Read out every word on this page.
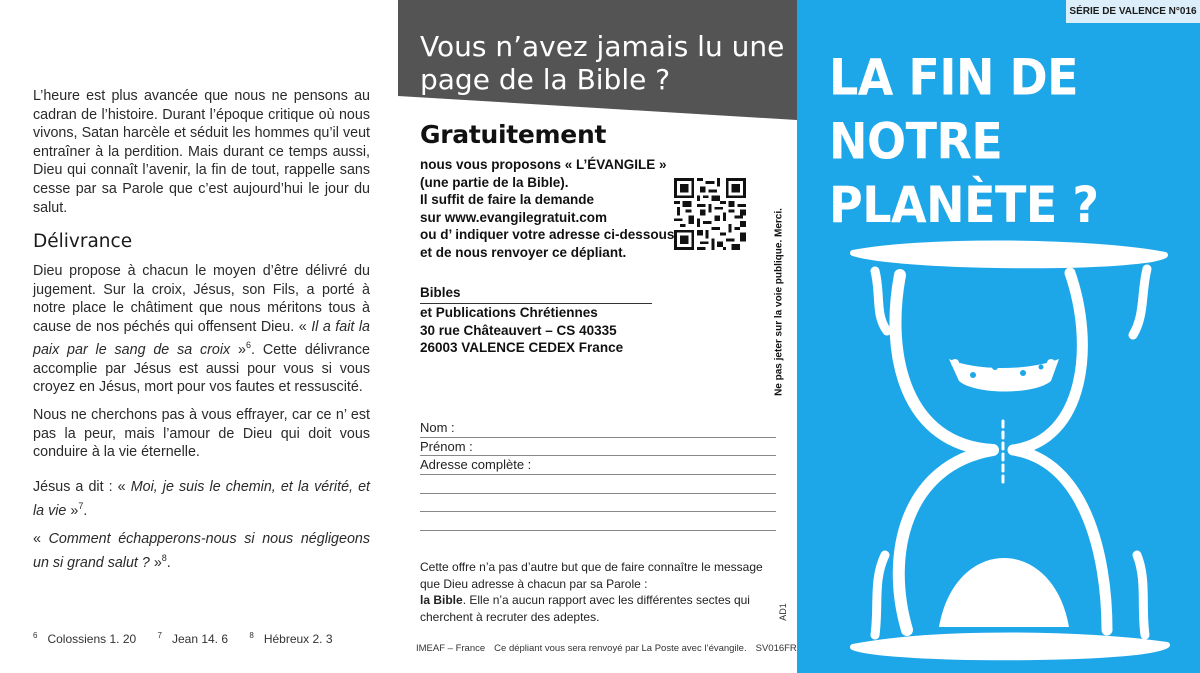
L’heure est plus avancée que nous ne pensons au cadran de l’histoire. Durant l’époque critique où nous vivons, Satan harcèle et séduit les hommes qu’il veut entraîner à la perdition. Mais durant ce temps aussi, Dieu qui connaît l’avenir, la fin de tout, rappelle sans cesse par sa Parole que c’est aujourd’hui le jour du salut.

Délivrance

Dieu propose à chacun le moyen d’être délivré du jugement. Sur la croix, Jésus, son Fils, a porté à notre place le châtiment que nous méritons tous à cause de nos péchés qui offensent Dieu. « Il a fait la paix par le sang de sa croix »$^6$. Cette délivrance accomplie par Jésus est aussi pour vous si vous croyez en Jésus, mort pour vos fautes et ressuscité.

Nous ne cherchons pas à vous effrayer, car ce n’ est pas la peur, mais l’amour de Dieu qui doit vous conduire à la vie éternelle.

Jésus a dit : « Moi, je suis le chemin, et la vérité, et la vie »$^7$.

« Comment échapperons-nous si nous négligeons un si grand salut ? »$^8$.

$^6$ Colossiens 1. 20	$^7$ Jean 14. 6	$^8$ Hébreux 2. 3
Vous n’avez jamais lu une page de la Bible ?
Gratuitement
nous vous proposons « L’ÉVANGILE »
(une partie de la Bible).
Il suffit de faire la demande
sur www.evangilegratuit.com
ou d’ indiquer votre adresse ci-dessous
et de nous renvoyer ce dépliant.
Bibles
et Publications Chrétiennes
30 rue Châteauvert – CS 40335
26003 VALENCE CEDEX France
Nom :
Prénom :
Adresse complète :
Cette offre n’a pas d’autre but que de faire connaître le message que Dieu adresse à chacun par sa Parole :
la Bible. Elle n’a aucun rapport avec les différentes sectes qui cherchent à recruter des adeptes.
IMEAF – France Ce dépliant vous sera renvoyé par La Poste avec l’évangile. SV016FR
Ne pas jeter sur la voie publique. Merci.
AD1
SÉRIE DE VALENCE N°016
LA FIN DE
NOTRE
PLANÈTE ?
